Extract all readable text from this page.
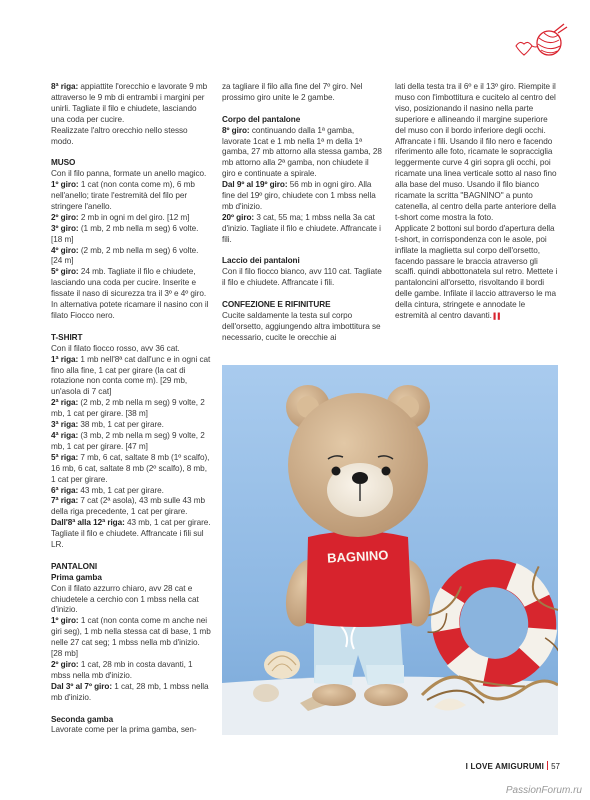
8ª riga: appiattite l'orecchio e lavorate 9 mb attraverso le 9 mb di entrambi i margini per unirli. Tagliate il filo e chiudete, lasciando una coda per cucire.

Realizzate l'altro orecchio nello stesso modo.

MUSO

Con il filo panna, formate un anello magico.

1º giro: 1 cat (non conta come m), 6 mb nell'anello; tirate l'estremità del filo per stringere l'anello.

2º giro: 2 mb in ogni m del giro. [12 m]

3º giro: (1 mb, 2 mb nella m seg) 6 volte. [18 m]

4º giro: (2 mb, 2 mb nella m seg) 6 volte. [24 m]

5º giro: 24 mb. Tagliate il filo e chiudete, lasciando una coda per cucire. Inserite e fissate il naso di sicurezza tra il 3º e 4º giro. In alternativa potete ricamare il nasino con il filato Fiocco nero.

T-SHIRT

Con il filato fiocco rosso, avv 36 cat.

1ª riga: 1 mb nell'8ª cat dall'unc e in ogni cat fino alla fine, 1 cat per girare (la cat di rotazione non conta come m). [29 mb, un'asola di 7 cat]

2ª riga: (2 mb, 2 mb nella m seg) 9 volte, 2 mb, 1 cat per girare. [38 m]

3ª riga: 38 mb, 1 cat per girare.

4ª riga: (3 mb, 2 mb nella m seg) 9 volte, 2 mb, 1 cat per girare. [47 m]

5ª riga: 7 mb, 6 cat, saltate 8 mb (1º scalfo), 16 mb, 6 cat, saltate 8 mb (2º scalfo), 8 mb, 1 cat per girare.

6ª riga: 43 mb, 1 cat per girare.

7ª riga: 7 cat (2ª asola), 43 mb sulle 43 mb della riga precedente, 1 cat per girare.

Dall'8ª alla 12ª riga: 43 mb, 1 cat per girare. Tagliate il filo e chiudete. Affrancate i fili sul LR.

PANTALONI

Prima gamba

Con il filato azzurro chiaro, avv 28 cat e chiudetele a cerchio con 1 mbss nella cat d'inizio.

1º giro: 1 cat (non conta come m anche nei giri seg), 1 mb nella stessa cat di base, 1 mb nelle 27 cat seg; 1 mbss nella mb d'inizio. [28 mb]

2º giro: 1 cat, 28 mb in costa davanti, 1 mbss nella mb d'inizio.

Dal 3º al 7º giro: 1 cat, 28 mb, 1 mbss nella mb d'inizio.

Seconda gamba

Lavorate come per la prima gamba, sen-

za tagliare il filo alla fine del 7º giro. Nel prossimo giro unite le 2 gambe.

Corpo del pantalone

8º giro: continuando dalla 1ª gamba, lavorate 1cat e 1 mb nella 1ª m della 1ª gamba, 27 mb attorno alla stessa gamba, 28 mb attorno alla 2ª gamba, non chiudete il giro e continuate a spirale.

Dal 9º al 19º giro: 56 mb in ogni giro. Alla fine del 19º giro, chiudete con 1 mbss nella mb d'inizio.

20º giro: 3 cat, 55 ma; 1 mbss nella 3a cat d'inizio. Tagliate il filo e chiudete. Affrancate i fili.

Laccio dei pantaloni

Con il filo fiocco bianco, avv 110 cat. Tagliate il filo e chiudete. Affrancate i fili.

CONFEZIONE E RIFINITURE

Cucite saldamente la testa sul corpo dell'orsetto, aggiungendo altra imbottitura se necessario, cucite le orecchie ai

lati della testa tra il 6º e il 13º giro. Riempite il muso con l'imbottitura e cucitelo al centro del viso, posizionando il nasino nella parte superiore e allineando il margine superiore del muso con il bordo inferiore degli occhi. Affrancate i fili. Usando il filo nero e facendo riferimento alle foto, ricamate le sopracciglia leggermente curve 4 giri sopra gli occhi, poi ricamate una linea verticale sotto al naso fino alla base del muso. Usando il filo bianco ricamate la scritta "BAGNINO" a punto catenella, al centro della parte anteriore della t-short come mostra la foto.

Applicate 2 bottoni sul bordo d'apertura della t-short, in corrispondenza con le asole, poi infilate la maglietta sul corpo dell'orsetto, facendo passare le braccia atraverso gli scalfi. quindi abbottonatela sul retro. Mettete i pantaloncini all'orsetto, risvoltando il bordi delle gambe. Infilate il laccio attraverso le ma della cintura, stringete e annodate le estremità al centro davanti. ▌▌

BAGNINO
I LOVE AMIGURUMI 57
PassionForum.ru
